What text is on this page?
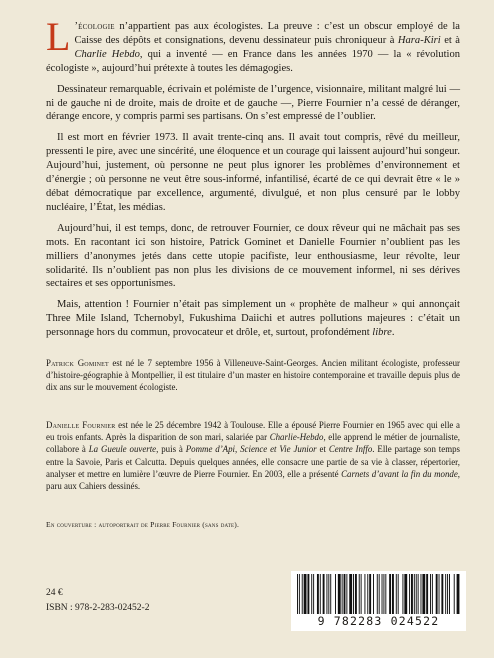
L ’écologie n’appartient pas aux écologistes. La preuve : c’est un obscur employé de la Caisse des dépôts et consignations, devenu dessinateur puis chroniqueur à Hara-Kiri et à Charlie Hebdo, qui a inventé — en France dans les années 1970 — la « révolution écologiste », aujourd’hui prétexte à toutes les démagogies.

Dessinateur remarquable, écrivain et polémiste de l’urgence, visionnaire, militant malgré lui — ni de gauche ni de droite, mais de droite et de gauche —, Pierre Fournier n’a cessé de déranger, dérange encore, y compris parmi ses partisans. On s’est empressé de l’oublier.

Il est mort en février 1973. Il avait trente-cinq ans. Il avait tout compris, rêvé du meilleur, pressenti le pire, avec une sincérité, une éloquence et un courage qui laissent aujourd’hui songeur. Aujourd’hui, justement, où personne ne peut plus ignorer les problèmes d’environnement et d’énergie ; où personne ne veut être sous-informé, infantilisé, écarté de ce qui devrait être « le » débat démocratique par excellence, argumenté, divulgué, et non plus censuré par le lobby nucléaire, l’État, les médias.

Aujourd’hui, il est temps, donc, de retrouver Fournier, ce doux rêveur qui ne mâchait pas ses mots. En racontant ici son histoire, Patrick Gominet et Danielle Fournier n’oublient pas les milliers d’anonymes jetés dans cette utopie pacifiste, leur enthousiasme, leur révolte, leur solidarité. Ils n’oublient pas non plus les divisions de ce mouvement informel, ni ses dérives sectaires et ses opportunismes.

Mais, attention ! Fournier n’était pas simplement un « prophète de malheur » qui annonçait Three Mile Island, Tchernobyl, Fukushima Daiichi et autres pollutions majeures : c’était un personnage hors du commun, provocateur et drôle, et, surtout, profondément libre.

Patrick Gominet est né le 7 septembre 1956 à Villeneuve-Saint-Georges. Ancien militant écologiste, professeur d’histoire-géographie à Montpellier, il est titulaire d’un master en histoire contemporaine et travaille depuis plus de dix ans sur le mouvement écologiste.

Danielle Fournier est née le 25 décembre 1942 à Toulouse. Elle a épousé Pierre Fournier en 1965 avec qui elle a eu trois enfants. Après la disparition de son mari, salariée par Charlie-Hebdo, elle apprend le métier de journaliste, collabore à La Gueule ouverte, puis à Pomme d’Api, Science et Vie Junior et Centre Inffo. Elle partage son temps entre la Savoie, Paris et Calcutta. Depuis quelques années, elle consacre une partie de sa vie à classer, répertorier, analyser et mettre en lumière l’œuvre de Pierre Fournier. En 2003, elle a présenté Carnets d’avant la fin du monde, paru aux Cahiers dessinés.

En couverture : autoportrait de Pierre Fournier (sans date).

24 €

ISBN : 978-2-283-02452-2

9 782283 024522
